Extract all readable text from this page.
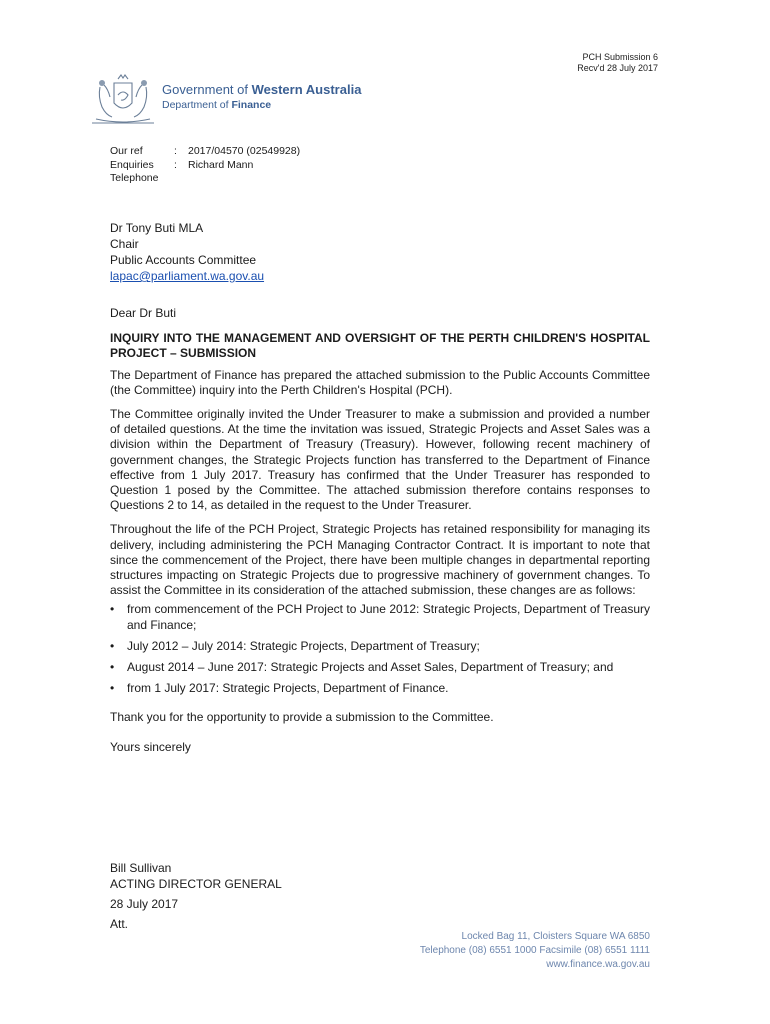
PCH Submission 6
Recv'd 28 July 2017
Government of Western Australia
Department of Finance
Our ref	:	2017/04570 (02549928)
Enquiries	:	Richard Mann
Telephone
Dr Tony Buti MLA
Chair
Public Accounts Committee
lapac@parliament.wa.gov.au

Dear Dr Buti

INQUIRY INTO THE MANAGEMENT AND OVERSIGHT OF THE PERTH CHILDREN'S HOSPITAL PROJECT – SUBMISSION

The Department of Finance has prepared the attached submission to the Public Accounts Committee (the Committee) inquiry into the Perth Children's Hospital (PCH).

The Committee originally invited the Under Treasurer to make a submission and provided a number of detailed questions. At the time the invitation was issued, Strategic Projects and Asset Sales was a division within the Department of Treasury (Treasury). However, following recent machinery of government changes, the Strategic Projects function has transferred to the Department of Finance effective from 1 July 2017. Treasury has confirmed that the Under Treasurer has responded to Question 1 posed by the Committee. The attached submission therefore contains responses to Questions 2 to 14, as detailed in the request to the Under Treasurer.

Throughout the life of the PCH Project, Strategic Projects has retained responsibility for managing its delivery, including administering the PCH Managing Contractor Contract. It is important to note that since the commencement of the Project, there have been multiple changes in departmental reporting structures impacting on Strategic Projects due to progressive machinery of government changes. To assist the Committee in its consideration of the attached submission, these changes are as follows:

• from commencement of the PCH Project to June 2012: Strategic Projects, Department of Treasury and Finance;
• July 2012 – July 2014: Strategic Projects, Department of Treasury;
• August 2014 – June 2017: Strategic Projects and Asset Sales, Department of Treasury; and
• from 1 July 2017: Strategic Projects, Department of Finance.

Thank you for the opportunity to provide a submission to the Committee.

Yours sincerely

Bill Sullivan
ACTING DIRECTOR GENERAL
28 July 2017
Att.
Locked Bag 11, Cloisters Square WA 6850
Telephone (08) 6551 1000 Facsimile (08) 6551 1111
www.finance.wa.gov.au
